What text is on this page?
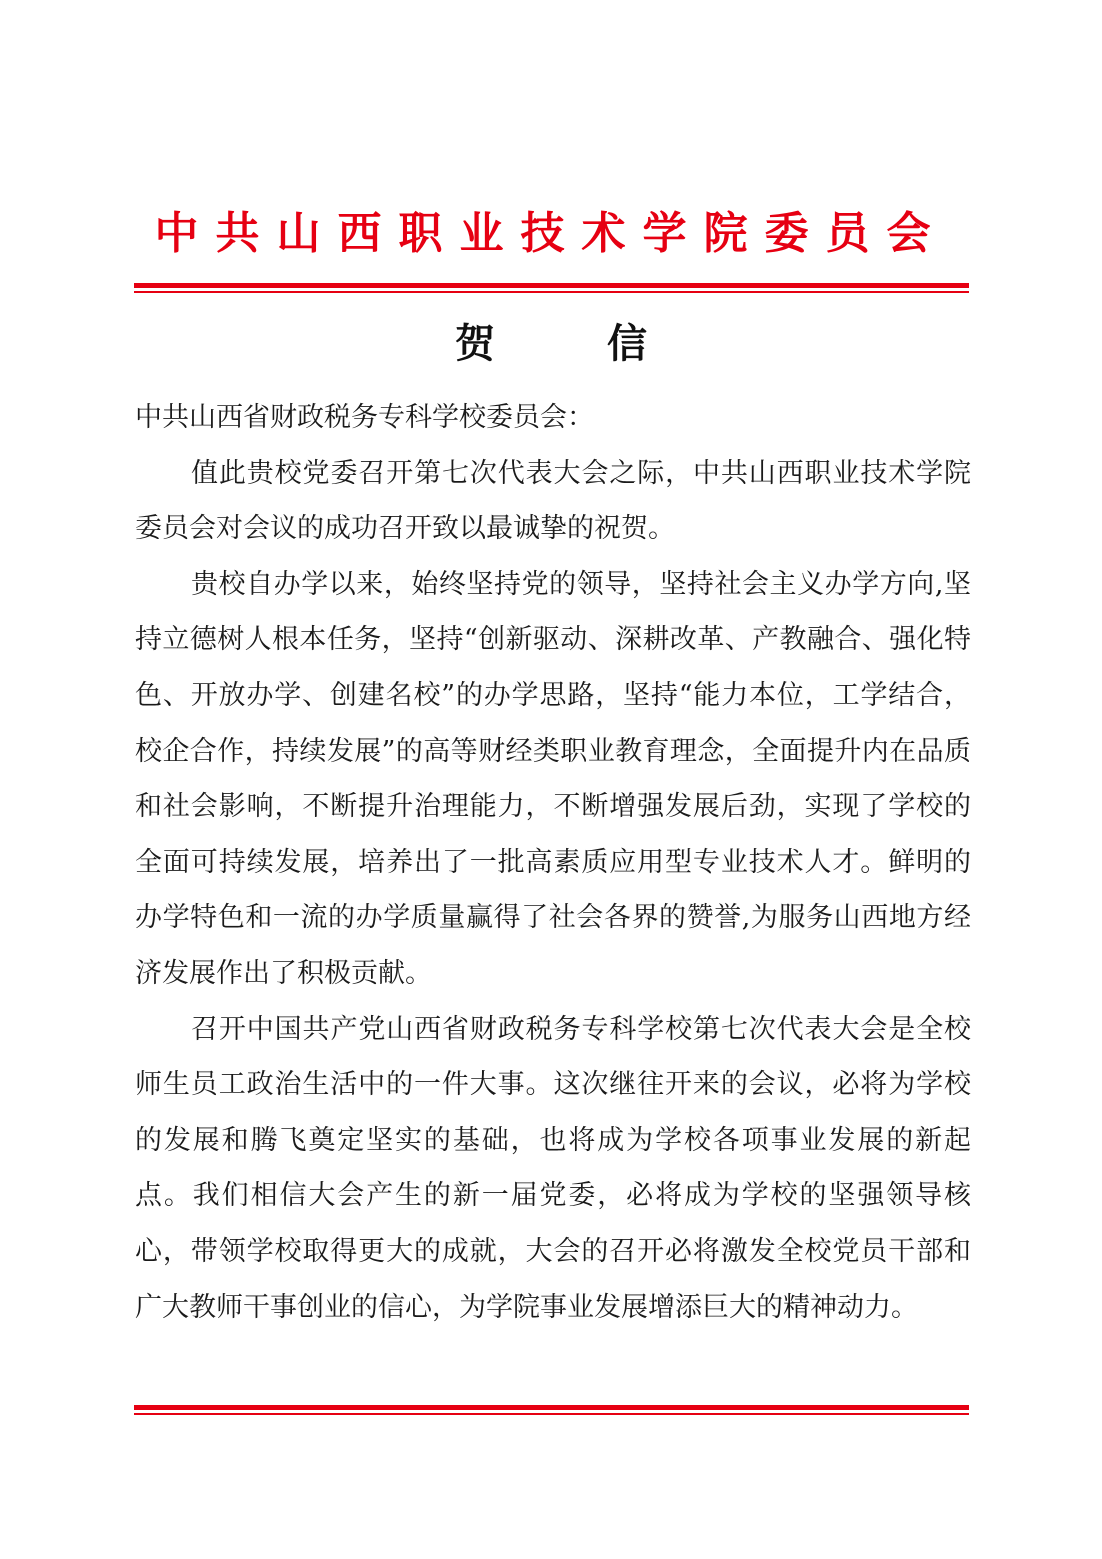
中共山西职业技术学院委员会
贺	信

中共山西省财政税务专科学校委员会：

值此贵校党委召开第七次代表大会之际，中共山西职业技术学院委员会对会议的成功召开致以最诚挚的祝贺。

贵校自办学以来，始终坚持党的领导，坚持社会主义办学方向,坚持立德树人根本任务，坚持“创新驱动、深耕改革、产教融合、强化特色、开放办学、创建名校”的办学思路，坚持“能力本位，工学结合，校企合作，持续发展”的高等财经类职业教育理念，全面提升内在品质和社会影响，不断提升治理能力，不断增强发展后劲，实现了学校的全面可持续发展，培养出了一批高素质应用型专业技术人才。鲜明的办学特色和一流的办学质量赢得了社会各界的赞誉,为服务山西地方经济发展作出了积极贡献。

召开中国共产党山西省财政税务专科学校第七次代表大会是全校师生员工政治生活中的一件大事。这次继往开来的会议，必将为学校的发展和腾飞奠定坚实的基础，也将成为学校各项事业发展的新起点。我们相信大会产生的新一届党委，必将成为学校的坚强领导核心，带领学校取得更大的成就，大会的召开必将激发全校党员干部和广大教师干事创业的信心，为学院事业发展增添巨大的精神动力。
